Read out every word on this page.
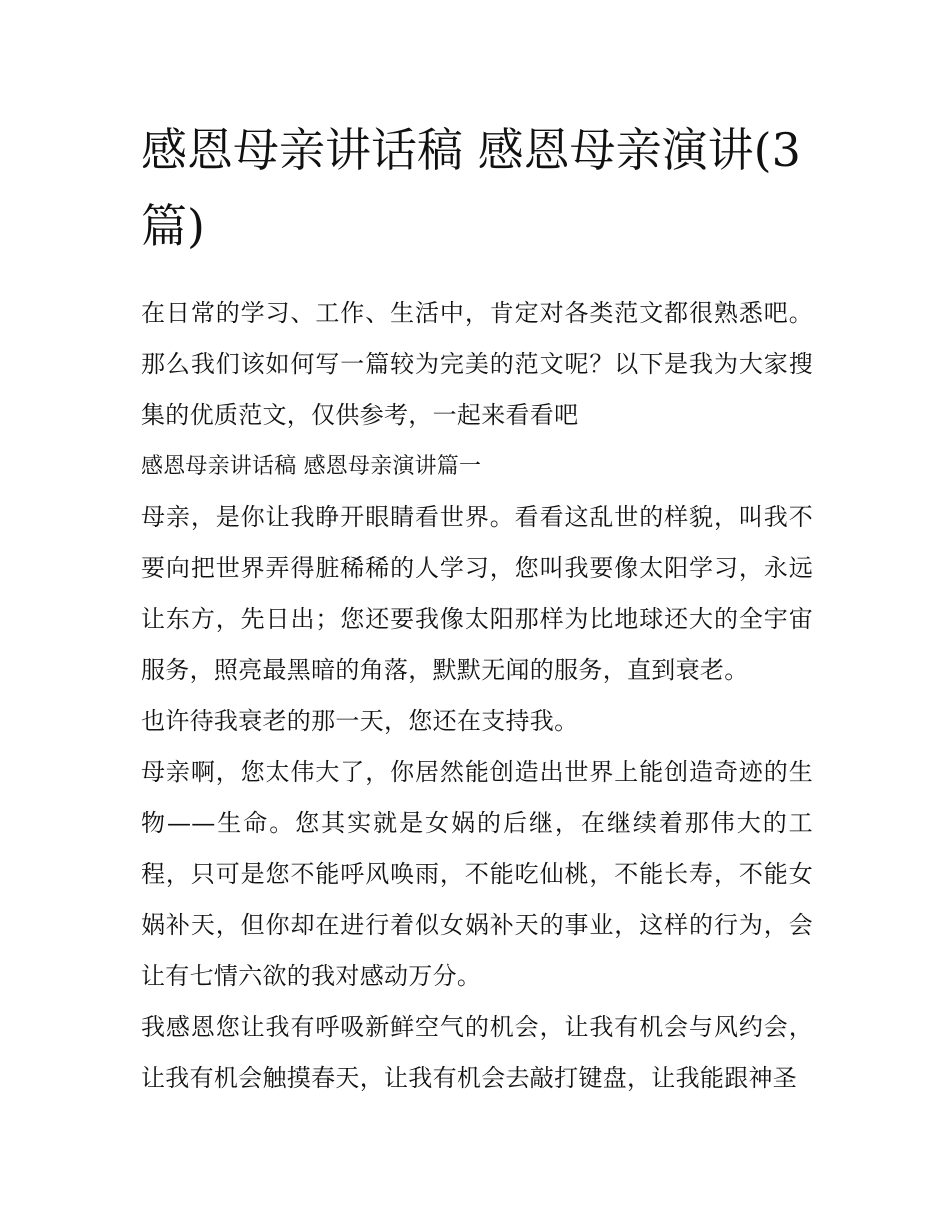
感恩母亲讲话稿 感恩母亲演讲(3篇)

在日常的学习、工作、生活中，肯定对各类范文都很熟悉吧。那么我们该如何写一篇较为完美的范文呢？以下是我为大家搜集的优质范文，仅供参考，一起来看看吧

感恩母亲讲话稿 感恩母亲演讲篇一

母亲，是你让我睁开眼睛看世界。看看这乱世的样貌，叫我不要向把世界弄得脏稀稀的人学习，您叫我要像太阳学习，永远让东方，先日出；您还要我像太阳那样为比地球还大的全宇宙服务，照亮最黑暗的角落，默默无闻的服务，直到衰老。

也许待我衰老的那一天，您还在支持我。

母亲啊，您太伟大了，你居然能创造出世界上能创造奇迹的生物——生命。您其实就是女娲的后继，在继续着那伟大的工程，只可是您不能呼风唤雨，不能吃仙桃，不能长寿，不能女娲补天，但你却在进行着似女娲补天的事业，这样的行为，会让有七情六欲的我对感动万分。

我感恩您让我有呼吸新鲜空气的机会，让我有机会与风约会，让我有机会触摸春天，让我有机会去敲打键盘，让我能跟神圣
